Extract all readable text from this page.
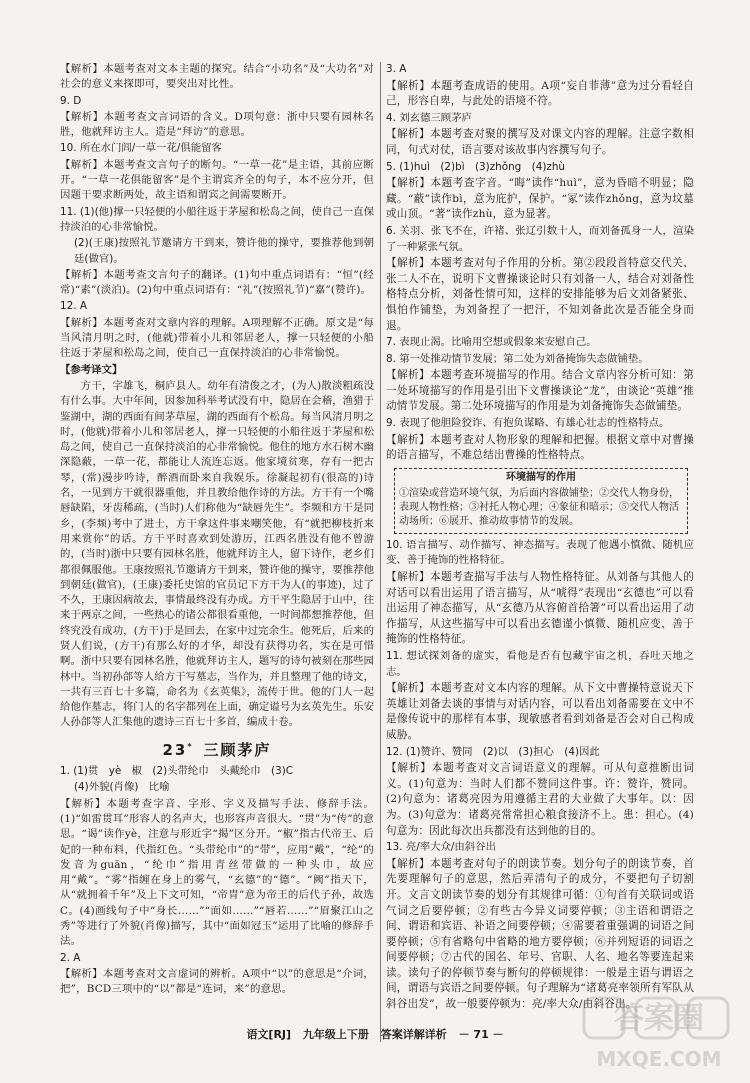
【解析】本题考查对文本主题的探究。结合“小功名”及“大功名”对社会的意义来探即可，要突出对比性。

9. D

【解析】本题考查文言词语的含义。D项句意：浙中只要有园林名胜，他就拜访主人。造是“拜访”的意思。

10. 所在水门闾/一草一花/俱能留客

【解析】本题考查文言句子的断句。“一草一花”是主语，其前应断开。“一草一花俱能留客”是个主谓宾齐全的句子，本不应分开，但因题干要求断两处，故主语和谓宾之间需要断开。

11. (1)(他)撑一只轻便的小船往返于茅屋和松岛之间，使自己一直保持淡泊的心非常愉悦。

(2)(王康)按照礼节邀请方干到来，赞许他的操守，要推荐他到朝廷(做官)。

【解析】本题考查文言句子的翻译。(1)句中重点词语有：“恒”(经常)“素”(淡泊)。(2)句中重点词语有：“礼”(按照礼节)“嘉”(赞许)。

12. A

【解析】本题考查对文章内容的理解。A项理解不正确。原文是“每当风清月明之时，(他就)带着小儿和邻居老人，撑一只轻便的小船往返于茅屋和松岛之间，使自己一直保持淡泊的心非常愉悦。

【参考译文】

方干，字雄飞，桐庐县人。幼年有清俊之才，(为人)散淡粗疏没有什么事。大中年间，因参加科举考试没有中，隐居在会稽，渔猎于鉴湖中，湖的西面有间茅草屋，湖的西面有个松岛。每当风清月明之时，(他就)带着小儿和邻居老人，撑一只轻便的小船往返于茅屋和松岛之间，使自己一直保持淡泊的心非常愉悦。他住的地方水石树木幽深隐蔽，一草一花，都能让人流连忘返。他家境贫寒，存有一把古琴，(常)漫步吟诗，醉酒而卧来自我娱乐。徐凝起初有(很高的)诗名，一见到方干就很器重他，并且教给他作诗的方法。方干有一个嘴唇缺陷，牙齿稀疏，(当时)人们称他为“缺唇先生”。李频和方干是同乡，(李频)考中了进士，方干拿这件事来嘲笑他，有“就把柳枝折来用来赏你”的话。方干平时喜欢到处游历，江西名胜没有他不曾游的，(当时)浙中只要有园林名胜，他就拜访主人，留下诗作，老乡们都很佩服他。王康按照礼节邀请方干到来，赞许他的操守，要推荐他到朝廷(做官)，(王康)委托史馆的官员记下方干为人(的事迹)，过了不久，王康因病故去，事情最终没有办成。方干平生隐居于山中，往来于两京之间，一些热心的诸公都很看重他，一时间都想推荐他，但终究没有成功，(方干)于是回去，在家中过完余生。他死后，后来的贤人们说，(方干)有那么好的才华，却没有获得功名，实在是可惜啊。浙中只要有园林名胜，他就拜访主人，题写的诗句被刻在那些园林中。当初孙郃等人给方干写墓志，当作为，并且整理了他的诗文，一共有三百七十多篇，命名为《玄英集》，流传于世。他的门人一起给他作墓志，将门人的名字都列在上面，确定谥号为玄英先生。乐安人孙郃等人汇集他的遗诗三百七十多首，编成十卷。

23* 三顾茅庐

1. (1)贯　yè　椒　(2)头带纶巾　头戴纶巾　(3)C

(4)外貌(肖像)　比喻

【解析】本题考查字音、字形、字义及描写手法、修辞手法。(1)“如雷贯耳”形容人的名声大，也形容声音很大。“贯”为“传”的意思。“谒”读作yè，注意与形近字“揭”区分开。“椒”指古代帝王、后妃的一种布料，代指红色。“头带纶巾”的“带”，应用“戴”，“纶”的发音为guān，“纶巾”指用青丝带做的一种头巾，故应用“戴”。“雾”指缠在身上的雾气，“玄德”的“德”。“阙”指天下，从“就拥着千年”及上下文可知，“帝胄”意为帝王的后代子孙，故选C。(4)画线句子中“身长……”“面如……”“唇若……”“眉聚江山之秀”等进行了外貌(肖像)描写，其中“面如冠玉”运用了比喻的修辞手法。

2. A

【解析】本题考查对文言虚词的辨析。A项中“以”的意思是“介词，把”，BCD三项中的“以”都是“连词，来”的意思。

3. A

【解析】本题考查成语的使用。A项“妄自菲薄”意为过分看轻自己，形容自卑，与此处的语境不符。

4. 刘玄德三顾茅庐

【解析】本题考查对聚的撰写及对课文内容的理解。注意字数相同，句式对仗，语言要对该故事内容撰写句子。

5. (1)huì　(2)bì　(3)zhǒng　(4)zhù

【解析】本题考查字音。“晦”读作“huì”，意为昏暗不明显；隐藏。“蔽”读作bì，意为庇护，保护。“冢”读作zhǒng，意为坟墓或山顶。“著”读作zhù，意为显著。

6. 关羽、张飞不在，许褚、张辽引数十人，而刘备孤身一人，渲染了一种紧张气氛。

【解析】本题考查对句子作用的分析。第②段段首特意交代关、张二人不在，说明下文曹操谈论时只有刘备一人，结合对刘备性格特点分析，刘备性情可知，这样的安排能够为后文刘备紧张、惧怕作铺垫，为刘备捏了一把汗，不知刘备此次是否能全身而退。

7. 表现止渴。比喻用空想或假象来安慰自己。

8. 第一处推动情节发展；第二处为刘备掩饰失态做铺垫。

【解析】本题考查环境描写的作用。结合文章内容分析可知：第一处环境描写的作用是引出下文曹操谈论“龙”，由谈论“英雄”推动情节发展。第二处环境描写的作用是为刘备掩饰失态做铺垫。

9. 表现了他胆险狡诈、有抱负谋略、有雄心壮志的性格特点。

【解析】本题考查对人物形象的理解和把握。根据文章中对曹操的语言描写，不难总结出曹操的性格特点。

环境描写的作用
①渲染或营造环境气氛，为后面内容做铺垫；②交代人物身份，表现人物性格；③衬托人物心理；④象征和暗示；⑤交代人物活动场所；⑥展开、推动故事情节的发展。

10. 语言描写、动作描写、神态描写。表现了他遇小慎微、随机应变、善于掩饰的性格特征。

【解析】本题考查描写手法与人物性格特征。从刘备与其他人的对话可以看出运用了语言描写，从“唬得”表现出“玄德也”可以看出运用了神态描写，从“玄德乃从容俯首拾箸”可以看出运用了动作描写，从这些描写中可以看出玄德谨小慎微、随机应变、善于掩饰的性格特征。

11. 想试探刘备的虚实，看他是否有包藏宇宙之机，吞吐天地之志。

【解析】本题考查对文本内容的理解。从下文中曹操特意说天下英雄让刘备去谈的事情与对话内容，可以看出刘备需要在文中不是像传说中的那样有本事，现敏感者看到刘备是否会对自己构成威胁。

12. (1)赞许、赞同　(2)以　(3)担心　(4)因此

【解析】本题考查对文言词语意义的理解。可从句意推断出词义。(1)句意为：当时人们都不赞同这件事。许：赞许，赞同。(2)句意为：诸葛亮因为用遵循主君的大业做了大事年。以：因为。(3)句意为：诸葛亮常常担心粮食接济不上。患：担心。(4)句意为：因此每次出兵都没有达到他的目的。

13. 亮/率大众/由斜谷出

【解析】本题考查对句子的朗读节奏。划分句子的朗读节奏，首先要理解句子的意思，然后弄清句子的成分，不要把句子切割开。文言文朗读节奏的划分有其规律可循：①句首有关联词或语气词之后要停顿；②有些古今异义词要停顿；③主语和谓语之间、谓语和宾语、补语之间要停顿；④需要着重强调的词语之间要停顿；⑤有省略句中省略的地方要停顿；⑥并列短语的词语之间要停顿；⑦古代的国名、年号、官职、人名、地名等要连起来读。读句子的停顿节奏与断句的停顿规律：一般是主语与谓语之间，谓语与宾语之间要停顿。句子理解为“诸葛亮率领所有军队从斜谷出发”，故一般要停顿为：亮/率大众/由斜谷出。

语文[RJ] 九年级上下册 答案详解详析 － 71 －	答案圈
MXQE.COM
